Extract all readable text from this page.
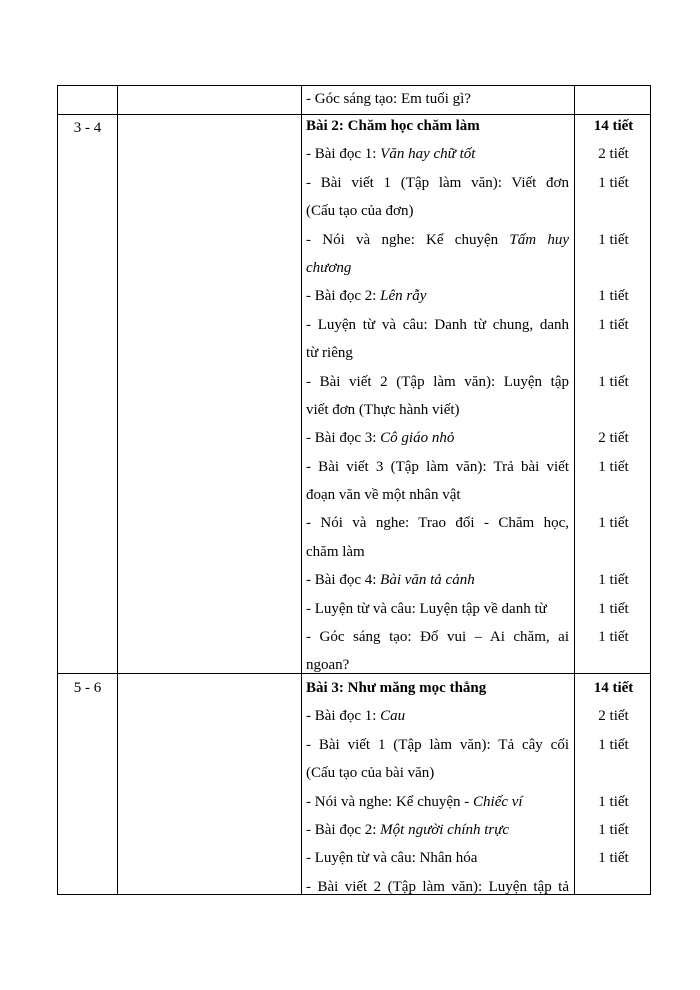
- Góc sáng tạo: Em tuổi gì?
3 - 4	Bài 2: Chăm học chăm làm
- Bài đọc 1: Văn hay chữ tốt
- Bài viết 1 (Tập làm văn): Viết đơn
(Cấu tạo của đơn)
- Nói và nghe: Kể chuyện Tấm huy
chương
- Bài đọc 2: Lên rẫy
- Luyện từ và câu: Danh từ chung, danh
từ riêng
- Bài viết 2 (Tập làm văn): Luyện tập
viết đơn (Thực hành viết)
- Bài đọc 3: Cô giáo nhỏ
- Bài viết 3 (Tập làm văn): Trả bài viết
đoạn văn về một nhân vật
- Nói và nghe: Trao đổi - Chăm học,
chăm làm
- Bài đọc 4: Bài văn tả cảnh
- Luyện từ và câu: Luyện tập về danh từ
- Góc sáng tạo: Đố vui – Ai chăm, ai
ngoan?
14 tiết
2 tiết
1 tiết
1 tiết
1 tiết
1 tiết
1 tiết
2 tiết
1 tiết
1 tiết
1 tiết
1 tiết
1 tiết
5 - 6	Bài 3: Như măng mọc thẳng
- Bài đọc 1: Cau
- Bài viết 1 (Tập làm văn): Tả cây cối
(Cấu tạo của bài văn)
- Nói và nghe: Kể chuyện - Chiếc ví
- Bài đọc 2: Một người chính trực
- Luyện từ và câu: Nhân hóa
- Bài viết 2 (Tập làm văn): Luyện tập tả
14 tiết
2 tiết
1 tiết
1 tiết
1 tiết
1 tiết
